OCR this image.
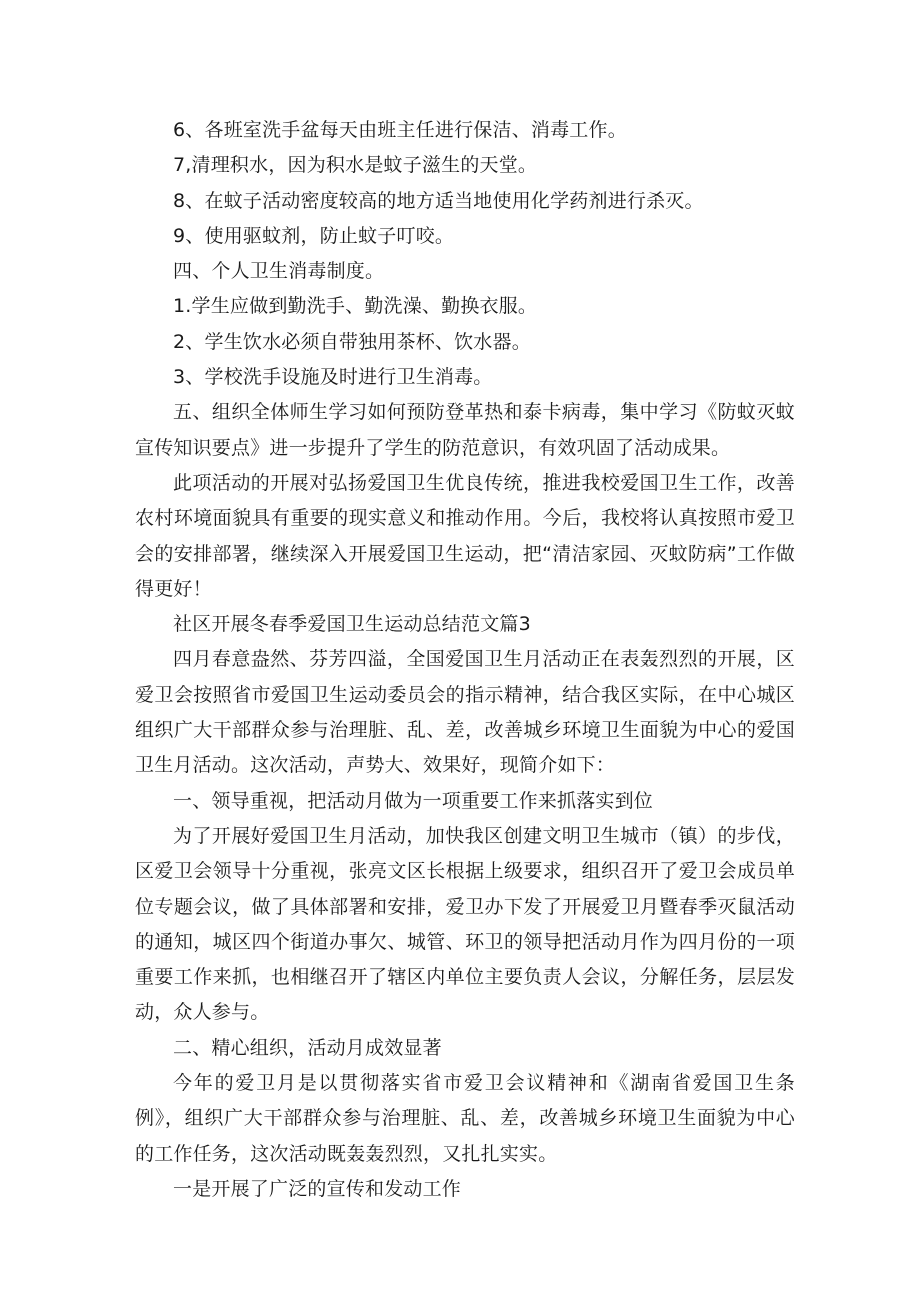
6、各班室洗手盆每天由班主任进行保洁、消毒工作。

7,清理积水，因为积水是蚊子滋生的天堂。

8、在蚊子活动密度较高的地方适当地使用化学药剂进行杀灭。

9、使用驱蚊剂，防止蚊子叮咬。

四、个人卫生消毒制度。

1.学生应做到勤洗手、勤洗澡、勤换衣服。

2、学生饮水必须自带独用茶杯、饮水器。

3、学校洗手设施及时进行卫生消毒。

五、组织全体师生学习如何预防登革热和泰卡病毒，集中学习《防蚊灭蚊宣传知识要点》进一步提升了学生的防范意识，有效巩固了活动成果。

此项活动的开展对弘扬爱国卫生优良传统，推进我校爱国卫生工作，改善农村环境面貌具有重要的现实意义和推动作用。今后，我校将认真按照市爱卫会的安排部署，继续深入开展爱国卫生运动，把“清洁家园、灭蚊防病”工作做得更好！

社区开展冬春季爱国卫生运动总结范文篇3

四月春意盎然、芬芳四溢，全国爱国卫生月活动正在表轰烈烈的开展，区爱卫会按照省市爱国卫生运动委员会的指示精神，结合我区实际，在中心城区组织广大干部群众参与治理脏、乱、差，改善城乡环境卫生面貌为中心的爱国卫生月活动。这次活动，声势大、效果好，现简介如下：

一、领导重视，把活动月做为一项重要工作来抓落实到位

为了开展好爱国卫生月活动，加快我区创建文明卫生城市（镇）的步伐，区爱卫会领导十分重视，张亮文区长根据上级要求，组织召开了爱卫会成员单位专题会议，做了具体部署和安排，爱卫办下发了开展爱卫月暨春季灭鼠活动的通知，城区四个街道办事欠、城管、环卫的领导把活动月作为四月份的一项重要工作来抓，也相继召开了辖区内单位主要负责人会议，分解任务，层层发动，众人参与。

二、精心组织，活动月成效显著

今年的爱卫月是以贯彻落实省市爱卫会议精神和《湖南省爱国卫生条例》，组织广大干部群众参与治理脏、乱、差，改善城乡环境卫生面貌为中心的工作任务，这次活动既轰轰烈烈，又扎扎实实。

一是开展了广泛的宣传和发动工作
